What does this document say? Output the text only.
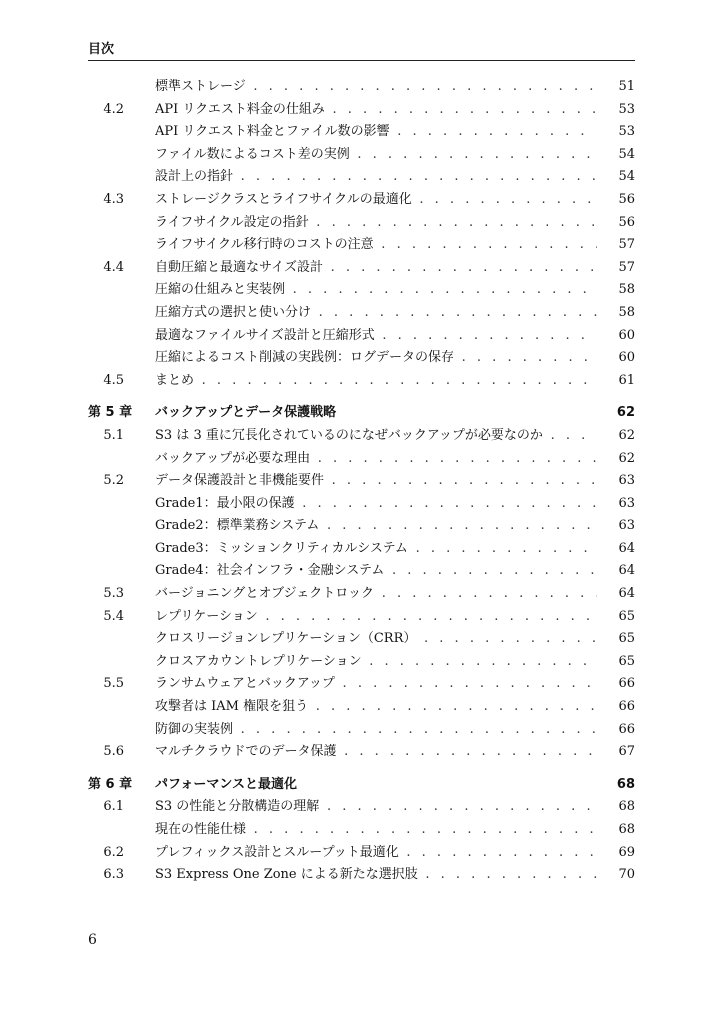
目次
標準ストレージ . . .	51
4.2 API リクエスト料金の仕組み . . .	53
API リクエスト料金とファイル数の影響 . . .	53
ファイル数によるコスト差の実例 . . .	54
設計上の指針 . . .	54
4.3 ストレージクラスとライフサイクルの最適化 . . .	56
ライフサイクル設定の指針 . . .	56
ライフサイクル移行時のコストの注意 . . .	57
4.4 自動圧縮と最適なサイズ設計 . . .	57
圧縮の仕組みと実装例 . . .	58
圧縮方式の選択と使い分け . . .	58
最適なファイルサイズ設計と圧縮形式 . . .	60
圧縮によるコスト削減の実践例：ログデータの保存 . . .	60
4.5 まとめ . . .	61
第 5 章 バックアップとデータ保護戦略	62
5.1 S3 は 3 重に冗長化されているのになぜバックアップが必要なのか . . .	62
バックアップが必要な理由 . . .	62
5.2 データ保護設計と非機能要件 . . .	63
Grade1：最小限の保護 . . .	63
Grade2：標準業務システム . . .	63
Grade3：ミッションクリティカルシステム . . .	64
Grade4：社会インフラ・金融システム . . .	64
5.3 バージョニングとオブジェクトロック . . .	64
5.4 レプリケーション . . .	65
クロスリージョンレプリケーション（CRR） . . .	65
クロスアカウントレプリケーション . . .	65
5.5 ランサムウェアとバックアップ . . .	66
攻撃者は IAM 権限を狙う . . .	66
防御の実装例 . . .	66
5.6 マルチクラウドでのデータ保護 . . .	67
第 6 章 パフォーマンスと最適化	68
6.1 S3 の性能と分散構造の理解 . . .	68
現在の性能仕様 . . .	68
6.2 プレフィックス設計とスループット最適化 . . .	69
6.3 S3 Express One Zone による新たな選択肢 . . .	70
6
